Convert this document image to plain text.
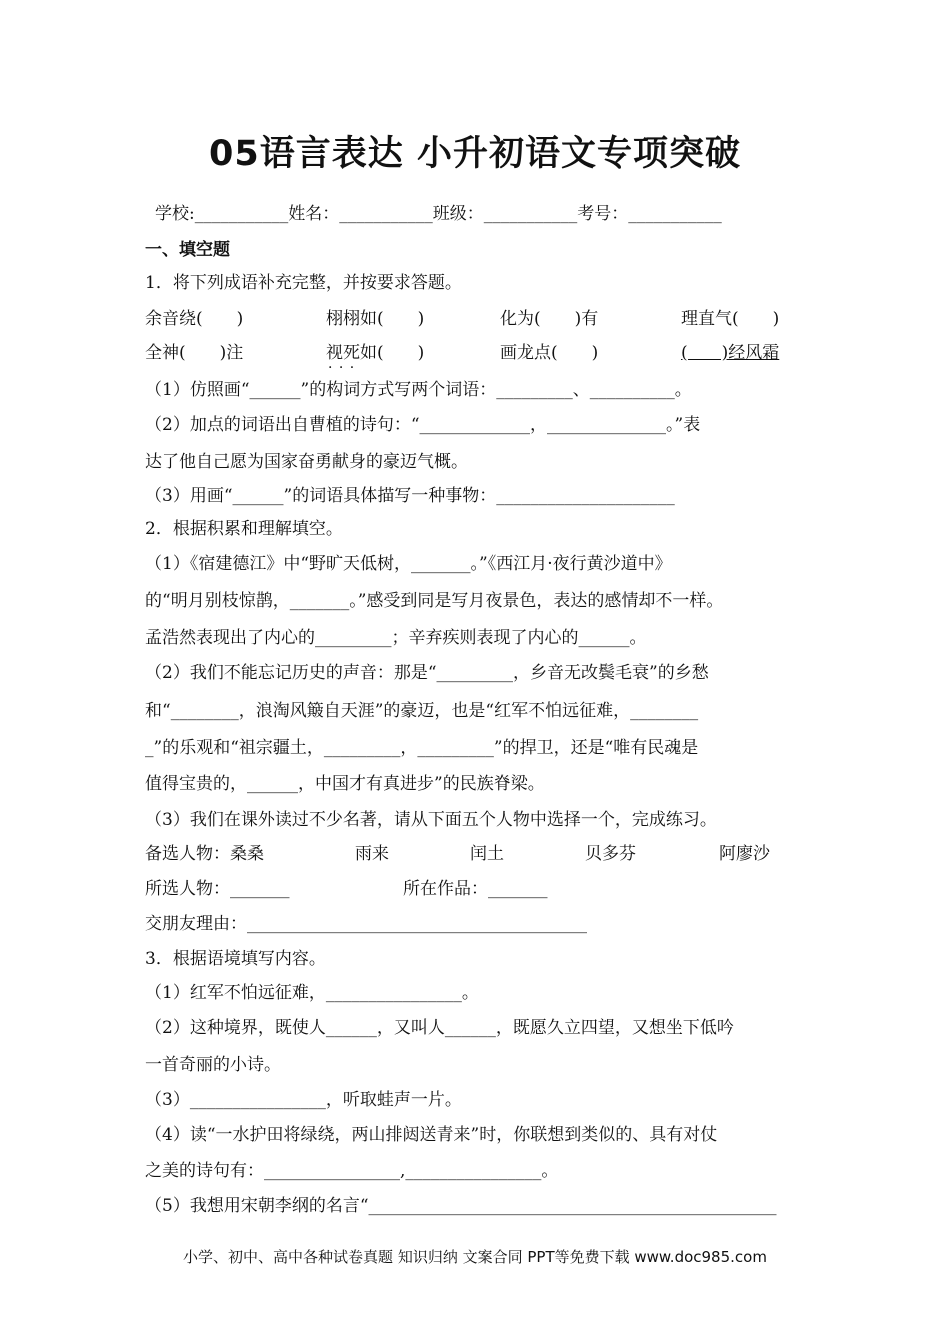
05语言表达 小升初语文专项突破
学校:___________姓名：___________班级：___________考号：___________
一、填空题
1．将下列成语补充完整，并按要求答题。
余音绕(　　)	栩栩如(　　)	化为(　　)有	理直气(　　)
全神(　　)注	视死如(　　) · · ·	画龙点(　　)	(　　)经风霜
（1）仿照画“______”的构词方式写两个词语：_________、__________。
（2）加点的词语出自曹植的诗句：“_____________，______________。”表
达了他自己愿为国家奋勇献身的豪迈气概。
（3）用画“______”的词语具体描写一种事物：_____________________
2．根据积累和理解填空。
（1）《宿建德江》中“野旷天低树，_______。”《西江月·夜行黄沙道中》
的“明月别枝惊鹊，_______。”感受到同是写月夜景色，表达的感情却不一样。
孟浩然表现出了内心的_________；辛弃疾则表现了内心的______。
（2）我们不能忘记历史的声音：那是“_________，乡音无改鬓毛衰”的乡愁
和“________，浪淘风簸自天涯”的豪迈，也是“红军不怕远征难，________
_”的乐观和“祖宗疆土，_________，_________”的捍卫，还是“唯有民魂是
值得宝贵的，______，中国才有真进步”的民族脊梁。
（3）我们在课外读过不少名著，请从下面五个人物中选择一个，完成练习。
备选人物： 桑桑	雨来	闰土	贝多芬	阿廖沙
所选人物：_______	所在作品：_______
交朋友理由：________________________________________
3．根据语境填写内容。
（1）红军不怕远征难，________________。
（2）这种境界，既使人______，又叫人______，既愿久立四望，又想坐下低吟
一首奇丽的小诗。
（3）________________，听取蛙声一片。
（4）读“一水护田将绿绕，两山排闼送青来”时，你联想到类似的、具有对仗
之美的诗句有：________________,________________。
（5）我想用宋朝李纲的名言“________________________________________________
小学、初中、高中各种试卷真题 知识归纳 文案合同 PPT等免费下载 www.doc985.com
